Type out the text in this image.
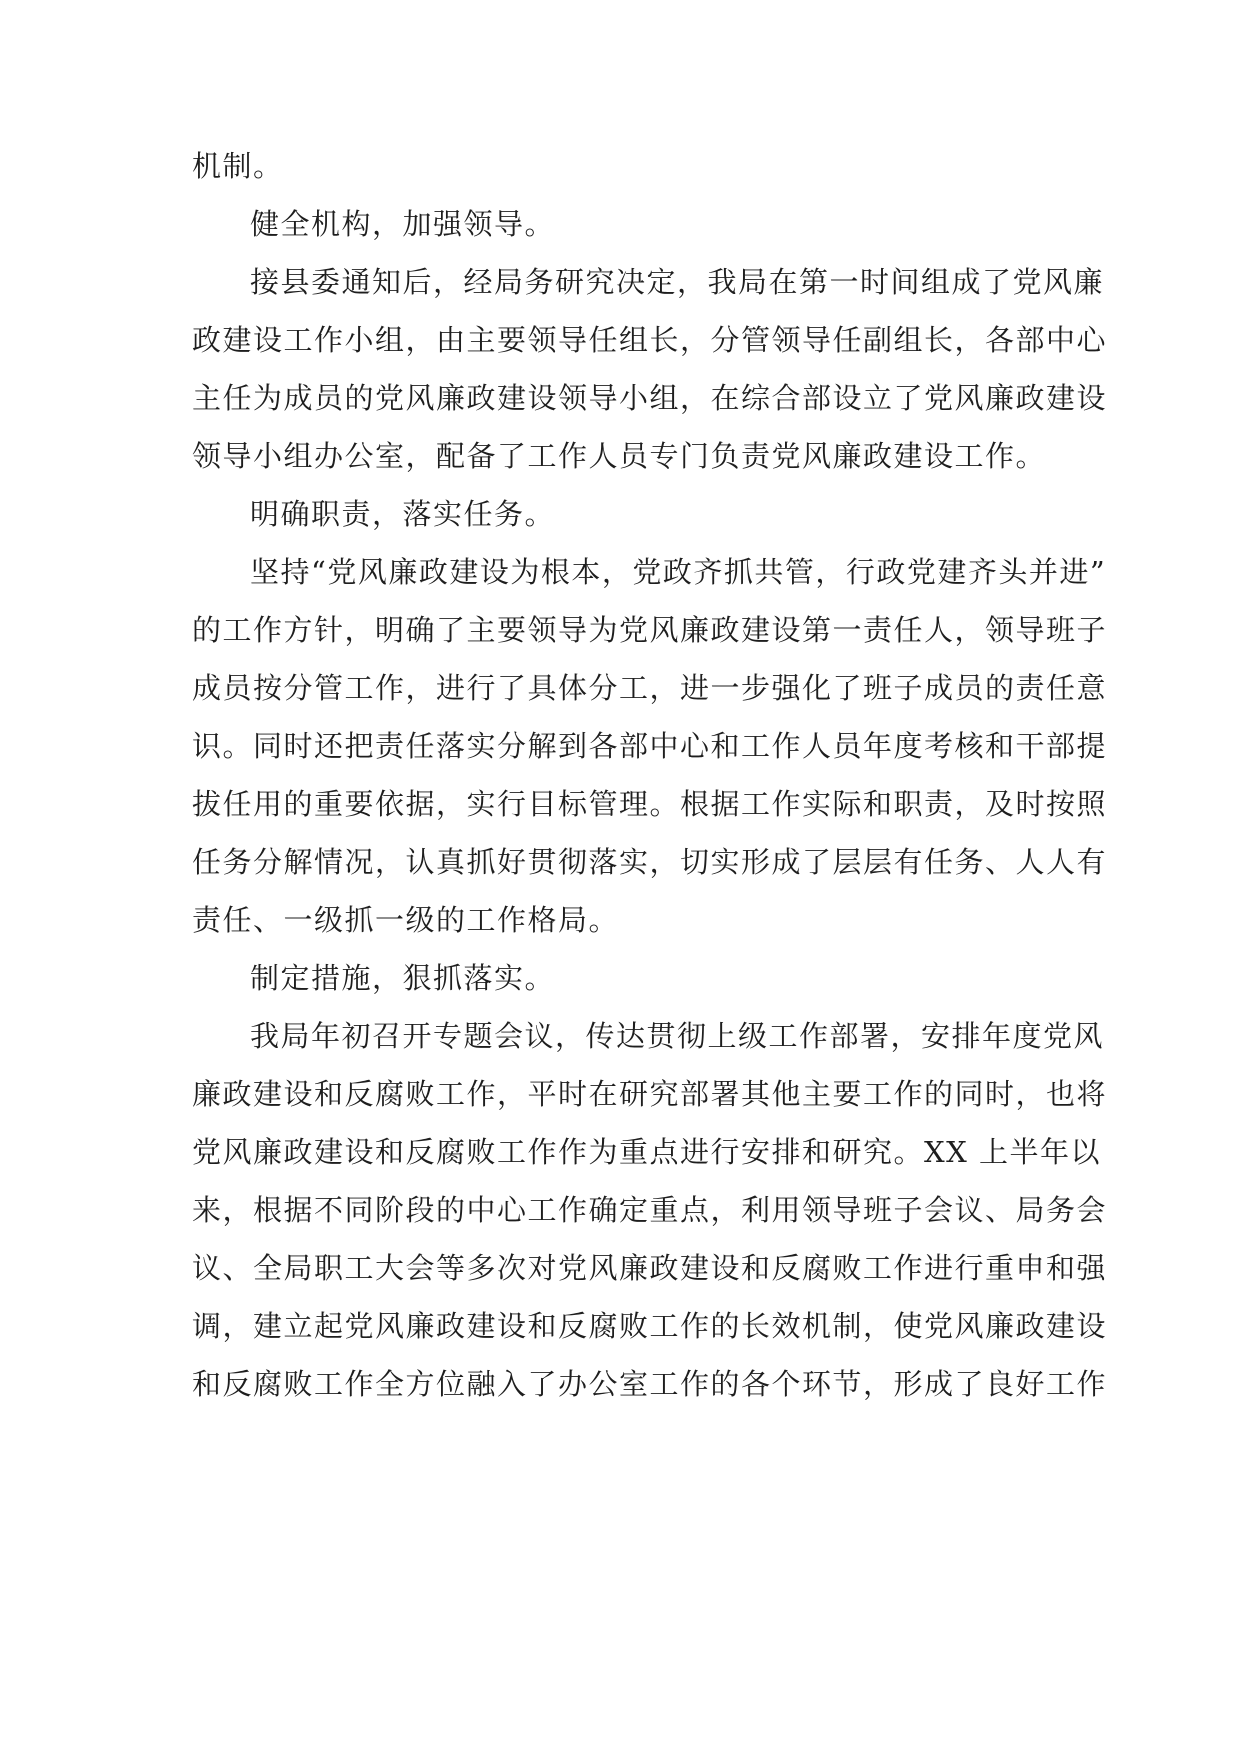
机制。
健全机构，加强领导。
接县委通知后，经局务研究决定，我局在第一时间组成了党风廉
政建设工作小组，由主要领导任组长，分管领导任副组长，各部中心
主任为成员的党风廉政建设领导小组，在综合部设立了党风廉政建设
领导小组办公室，配备了工作人员专门负责党风廉政建设工作。
明确职责，落实任务。
坚持“党风廉政建设为根本，党政齐抓共管，行政党建齐头并进”
的工作方针，明确了主要领导为党风廉政建设第一责任人，领导班子
成员按分管工作，进行了具体分工，进一步强化了班子成员的责任意
识。同时还把责任落实分解到各部中心和工作人员年度考核和干部提
拔任用的重要依据，实行目标管理。根据工作实际和职责，及时按照
任务分解情况，认真抓好贯彻落实，切实形成了层层有任务、人人有
责任、一级抓一级的工作格局。
制定措施，狠抓落实。
我局年初召开专题会议，传达贯彻上级工作部署，安排年度党风
廉政建设和反腐败工作，平时在研究部署其他主要工作的同时，也将
党风廉政建设和反腐败工作作为重点进行安排和研究。XX 上半年以
来，根据不同阶段的中心工作确定重点，利用领导班子会议、局务会
议、全局职工大会等多次对党风廉政建设和反腐败工作进行重申和强
调，建立起党风廉政建设和反腐败工作的长效机制，使党风廉政建设
和反腐败工作全方位融入了办公室工作的各个环节，形成了良好工作
